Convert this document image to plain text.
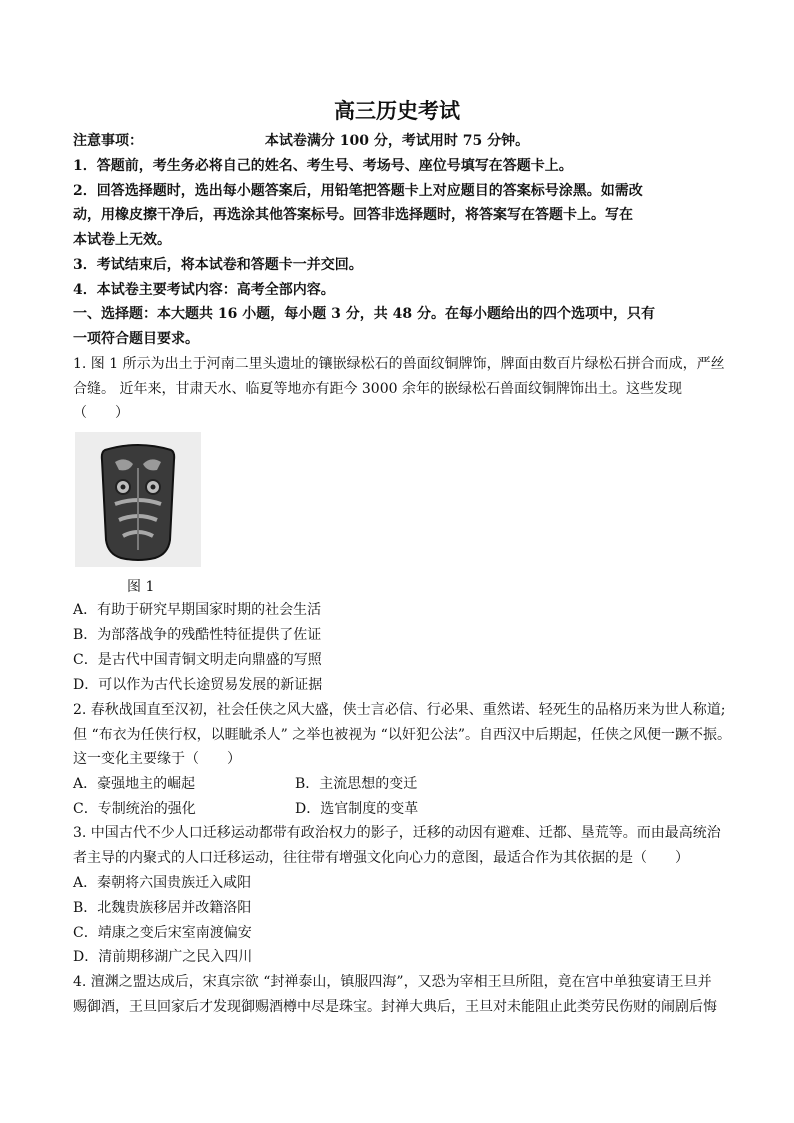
高三历史考试
本试卷满分 100 分，考试用时 75 分钟。
注意事项：
1．答题前，考生务必将自己的姓名、考生号、考场号、座位号填写在答题卡上。
2．回答选择题时，选出每小题答案后，用铅笔把答题卡上对应题目的答案标号涂黑。如需改
动，用橡皮擦干净后，再选涂其他答案标号。回答非选择题时，将答案写在答题卡上。写在
本试卷上无效。
3．考试结束后，将本试卷和答题卡一并交回。
4．本试卷主要考试内容：高考全部内容。
一、选择题：本大题共 16 小题，每小题 3 分，共 48 分。在每小题给出的四个选项中，只有
一项符合题目要求。
1. 图 1 所示为出土于河南二里头遗址的镶嵌绿松石的兽面纹铜牌饰，牌面由数百片绿松石拼合而成，严丝
合缝。 近年来，甘肃天水、临夏等地亦有距今 3000 余年的嵌绿松石兽面纹铜牌饰出土。这些发现
（　　）
图 1
A．有助于研究早期国家时期的社会生活
B．为部落战争的残酷性特征提供了佐证
C．是古代中国青铜文明走向鼎盛的写照
D．可以作为古代长途贸易发展的新证据
2. 春秋战国直至汉初，社会任侠之风大盛，侠士言必信、行必果、重然诺、轻死生的品格历来为世人称道;
但 “布衣为任侠行权，以睚眦杀人” 之举也被视为 “以奸犯公法”。自西汉中后期起，任侠之风便一蹶不振。
这一变化主要缘于（　　）
A．豪强地主的崛起	B．主流思想的变迁
C．专制统治的强化	D．选官制度的变革
3. 中国古代不少人口迁移运动都带有政治权力的影子，迁移的动因有避难、迁都、垦荒等。而由最高统治
者主导的内聚式的人口迁移运动，往往带有增强文化向心力的意图，最适合作为其依据的是（　　）
A．秦朝将六国贵族迁入咸阳
B．北魏贵族移居并改籍洛阳
C．靖康之变后宋室南渡偏安
D．清前期移湖广之民入四川
4. 澶渊之盟达成后，宋真宗欲 “封禅泰山，镇服四海”，又恐为宰相王旦所阻，竟在宫中单独宴请王旦并
赐御酒，王旦回家后才发现御赐酒樽中尽是珠宝。封禅大典后，王旦对未能阻止此类劳民伤财的闹剧后悔
